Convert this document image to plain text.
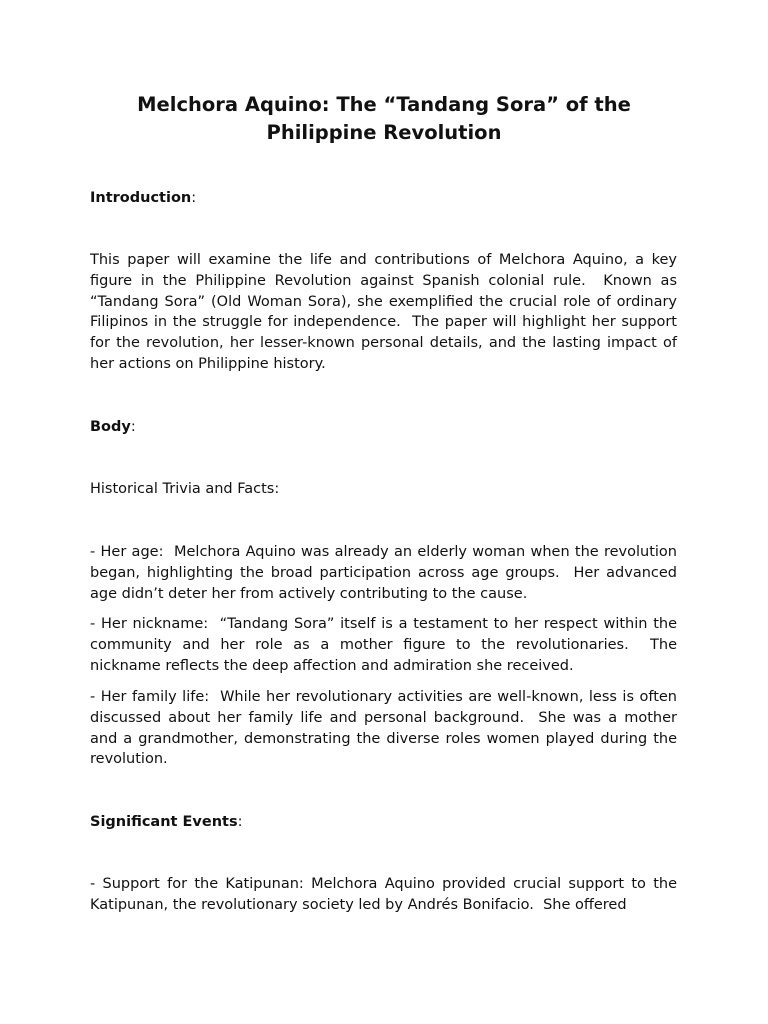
Melchora Aquino: The “Tandang Sora” of the Philippine Revolution

Introduction:

This paper will examine the life and contributions of Melchora Aquino, a key figure in the Philippine Revolution against Spanish colonial rule.  Known as “Tandang Sora” (Old Woman Sora), she exemplified the crucial role of ordinary Filipinos in the struggle for independence.  The paper will highlight her support for the revolution, her lesser-known personal details, and the lasting impact of her actions on Philippine history.

Body:

Historical Trivia and Facts:

- Her age:  Melchora Aquino was already an elderly woman when the revolution began, highlighting the broad participation across age groups.  Her advanced age didn’t deter her from actively contributing to the cause.

- Her nickname:  “Tandang Sora” itself is a testament to her respect within the community and her role as a mother figure to the revolutionaries.  The nickname reflects the deep affection and admiration she received.

- Her family life:  While her revolutionary activities are well-known, less is often discussed about her family life and personal background.  She was a mother and a grandmother, demonstrating the diverse roles women played during the revolution.

Significant Events:

- Support for the Katipunan: Melchora Aquino provided crucial support to the Katipunan, the revolutionary society led by Andrés Bonifacio.  She offered
